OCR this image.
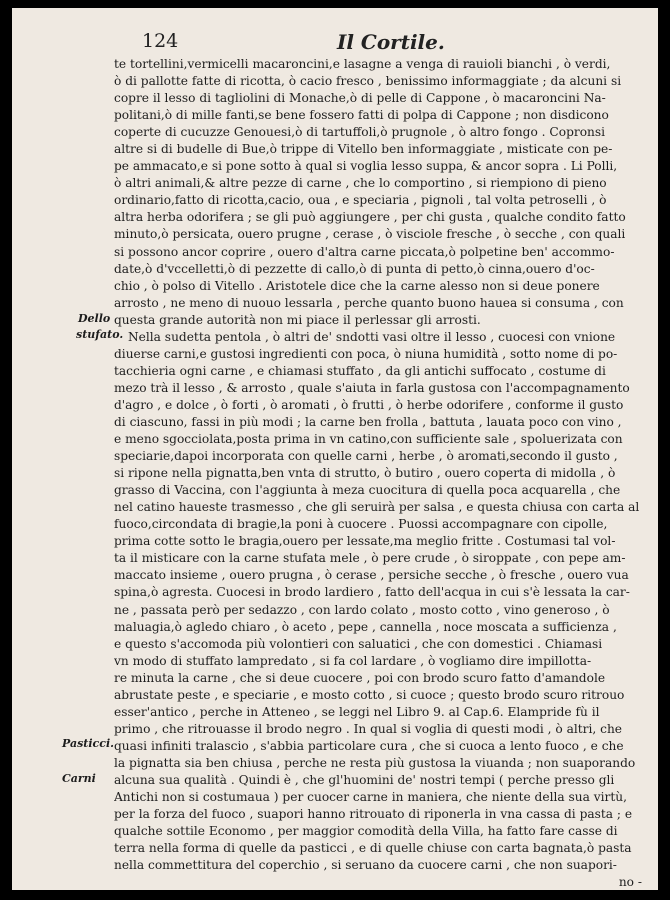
124	Il Cortile.
Dello
stufato.
Pasticci.
Carni
te tortellini,vermicelli macaroncini,e lasagne a venga di rauioli bianchi , ò verdi,
ò di pallotte fatte di ricotta, ò cacio fresco , benissimo informaggiate ; da alcuni si
copre il lesso di tagliolini di Monache,ò di pelle di Cappone , ò macaroncini Na-
politani,ò di mille fanti,se bene fossero fatti di polpa di Cappone ; non disdicono
coperte di cucuzze Genouesi,ò di tartuffoli,ò prugnole , ò altro fongo . Copronsi
altre si di budelle di Bue,ò trippe di Vitello ben informaggiate , misticate con pe-
pe ammacato,e si pone sotto à qual si voglia lesso suppa, & ancor sopra . Li Polli,
ò altri animali,& altre pezze di carne , che lo comportino , si riempiono di pieno
ordinario,fatto di ricotta,cacio, oua , e speciaria , pignoli , tal volta petroselli , ò
altra herba odorifera ; se gli può aggiungere , per chi gusta , qualche condito fatto
minuto,ò persicata, ouero prugne , cerase , ò visciole fresche , ò secche , con quali
si possono ancor coprire , ouero d'altra carne piccata,ò polpetine ben' accommo-
date,ò d'vccelletti,ò di pezzette di callo,ò di punta di petto,ò cinna,ouero d'oc-
chio , ò polso di Vitello . Aristotele dice che la carne alesso non si deue ponere
arrosto , ne meno di nuouo lessarla , perche quanto buono hauea si consuma , con
questa grande autorità non mi piace il perlessar gli arrosti.
Nella sudetta pentola , ò altri de' sndotti vasi oltre il lesso , cuocesi con vnione
diuerse carni,e gustosi ingredienti con poca, ò niuna humidità , sotto nome di po-
tacchieria ogni carne , e chiamasi stuffato , da gli antichi suffocato , costume di
mezo trà il lesso , & arrosto , quale s'aiuta in farla gustosa con l'accompagnamento
d'agro , e dolce , ò forti , ò aromati , ò frutti , ò herbe odorifere , conforme il gusto
di ciascuno, fassi in più modi ; la carne ben frolla , battuta , lauata poco con vino ,
e meno sgocciolata,posta prima in vn catino,con sufficiente sale , spoluerizata con
speciarie,dapoi incorporata con quelle carni , herbe , ò aromati,secondo il gusto ,
si ripone nella pignatta,ben vnta di strutto, ò butiro , ouero coperta di midolla , ò
grasso di Vaccina, con l'aggiunta à meza cuocitura di quella poca acquarella , che
nel catino haueste trasmesso , che gli seruirà per salsa , e questa chiusa con carta al
fuoco,circondata di bragie,la poni à cuocere . Puossi accompagnare con cipolle,
prima cotte sotto le bragia,ouero per lessate,ma meglio fritte . Costumasi tal vol-
ta il misticare con la carne stufata mele , ò pere crude , ò siroppate , con pepe am-
maccato insieme , ouero prugna , ò cerase , persiche secche , ò fresche , ouero vua
spina,ò agresta. Cuocesi in brodo lardiero , fatto dell'acqua in cui s'è lessata la car-
ne , passata però per sedazzo , con lardo colato , mosto cotto , vino generoso , ò
maluagia,ò agledo chiaro , ò aceto , pepe , cannella , noce moscata a sufficienza ,
e questo s'accomoda più volontieri con saluatici , che con domestici . Chiamasi
vn modo di stuffato lampredato , si fa col lardare , ò vogliamo dire impillotta-
re minuta la carne , che si deue cuocere , poi con brodo scuro fatto d'amandole
abrustate peste , e speciarie , e mosto cotto , si cuoce ; questo brodo scuro ritrouo
esser'antico , perche in Atteneo , se leggi nel Libro 9. al Cap.6. Elampride fù il
primo , che ritrouasse il brodo negro . In qual si voglia di questi modi , ò altri, che
quasi infiniti tralascio , s'abbia particolare cura , che si cuoca a lento fuoco , e che
la pignatta sia ben chiusa , perche ne resta più gustosa la viuanda ; non suaporando
alcuna sua qualità . Quindi è , che gl'huomini de' nostri tempi ( perche presso gli
Antichi non si costumaua ) per cuocer carne in maniera, che niente della sua virtù,
per la forza del fuoco , suapori hanno ritrouato di riponerla in vna cassa di pasta ; e
qualche sottile Economo , per maggior comodità della Villa, ha fatto fare casse di
terra nella forma di quelle da pasticci , e di quelle chiuse con carta bagnata,ò pasta
nella commettitura del coperchio , si seruano da cuocere carni , che non suapori-
no -
